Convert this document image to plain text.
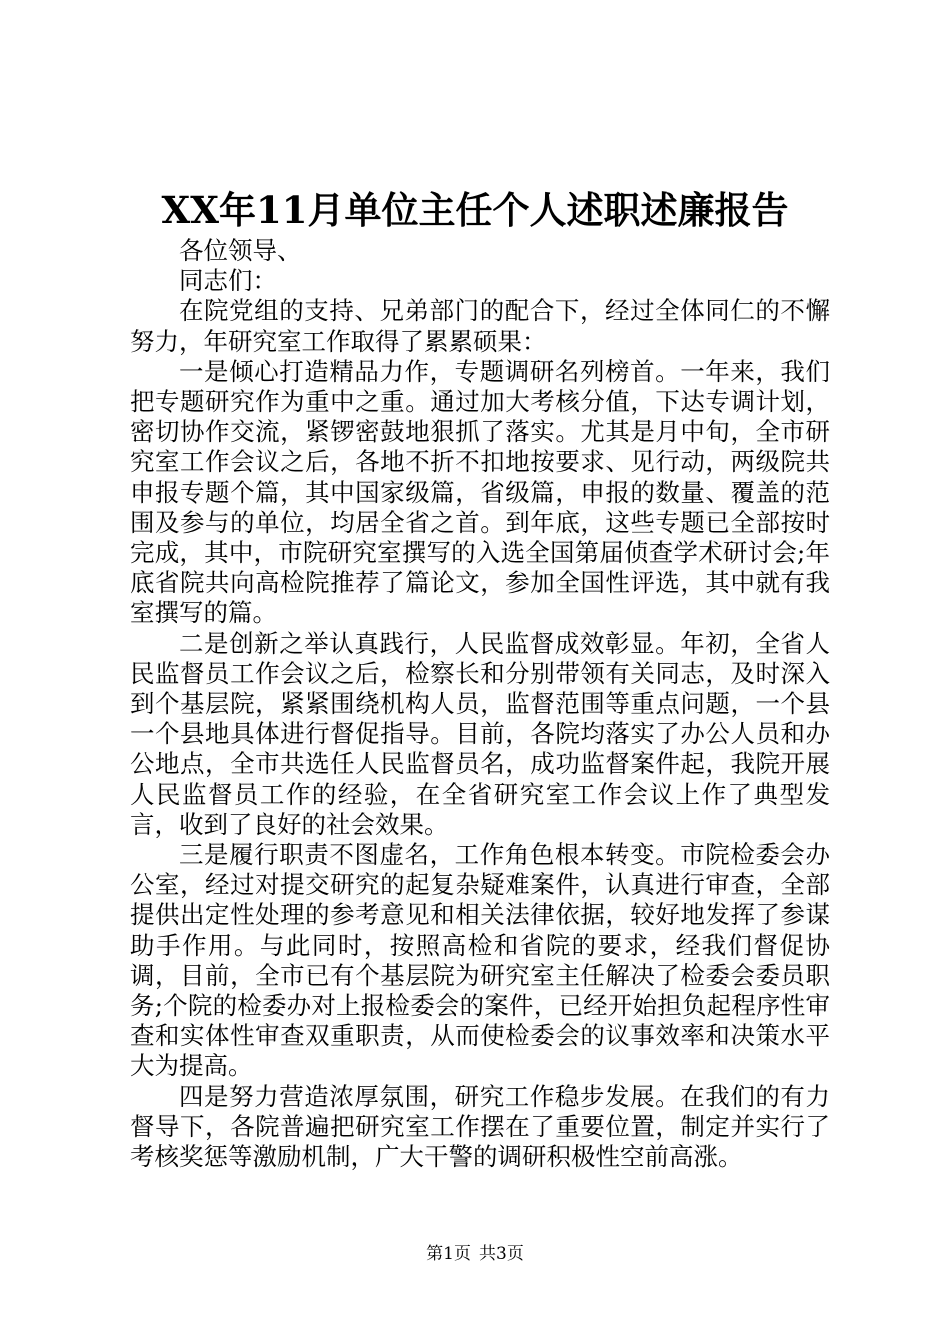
XX年11月单位主任个人述职述廉报告

各位领导、

同志们：

在院党组的支持、兄弟部门的配合下，经过全体同仁的不懈努力，年研究室工作取得了累累硕果：

一是倾心打造精品力作，专题调研名列榜首。一年来，我们把专题研究作为重中之重。通过加大考核分值，下达专调计划，密切协作交流，紧锣密鼓地狠抓了落实。尤其是月中旬，全市研究室工作会议之后，各地不折不扣地按要求、见行动，两级院共申报专题个篇，其中国家级篇，省级篇，申报的数量、覆盖的范围及参与的单位，均居全省之首。到年底，这些专题已全部按时完成，其中，市院研究室撰写的入选全国第届侦查学术研讨会;年底省院共向高检院推荐了篇论文，参加全国性评选，其中就有我室撰写的篇。

二是创新之举认真践行，人民监督成效彰显。年初，全省人民监督员工作会议之后，检察长和分别带领有关同志，及时深入到个基层院，紧紧围绕机构人员，监督范围等重点问题，一个县一个县地具体进行督促指导。目前，各院均落实了办公人员和办公地点，全市共选任人民监督员名，成功监督案件起，我院开展人民监督员工作的经验，在全省研究室工作会议上作了典型发言，收到了良好的社会效果。

三是履行职责不图虚名，工作角色根本转变。市院检委会办公室，经过对提交研究的起复杂疑难案件，认真进行审查，全部提供出定性处理的参考意见和相关法律依据，较好地发挥了参谋助手作用。与此同时，按照高检和省院的要求，经我们督促协调，目前，全市已有个基层院为研究室主任解决了检委会委员职务;个院的检委办对上报检委会的案件，已经开始担负起程序性审查和实体性审查双重职责，从而使检委会的议事效率和决策水平大为提高。

四是努力营造浓厚氛围，研究工作稳步发展。在我们的有力督导下，各院普遍把研究室工作摆在了重要位置，制定并实行了考核奖惩等激励机制，广大干警的调研积极性空前高涨。

第1页 共3页
